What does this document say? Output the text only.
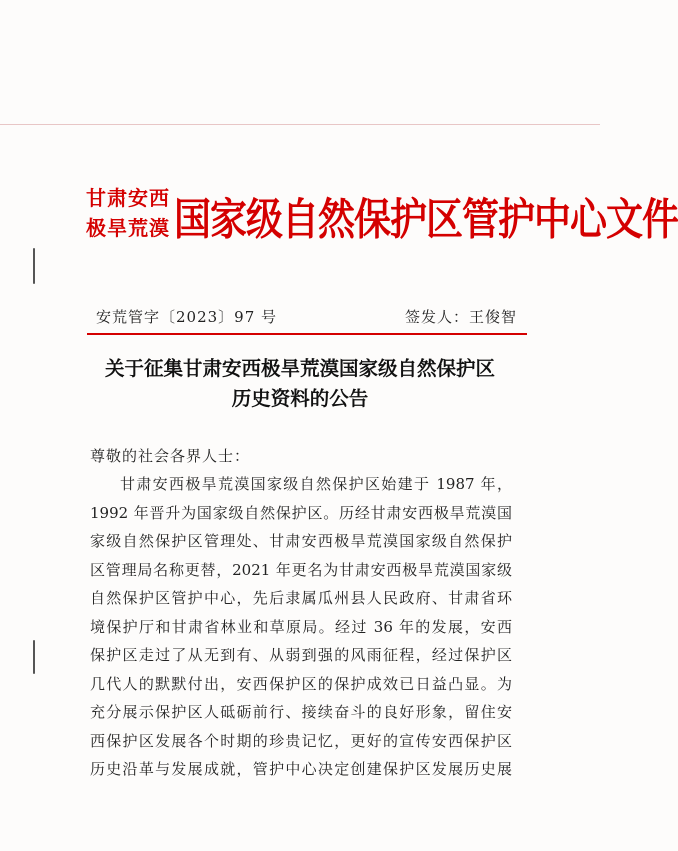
甘肃安西
极旱荒漠 国家级自然保护区管护中心文件
安荒管字〔2023〕97 号	签发人：王俊智
关于征集甘肃安西极旱荒漠国家级自然保护区
历史资料的公告
尊敬的社会各界人士：
甘肃安西极旱荒漠国家级自然保护区始建于 1987 年，
1992 年晋升为国家级自然保护区。历经甘肃安西极旱荒漠国
家级自然保护区管理处、甘肃安西极旱荒漠国家级自然保护
区管理局名称更替，2021 年更名为甘肃安西极旱荒漠国家级
自然保护区管护中心，先后隶属瓜州县人民政府、甘肃省环
境保护厅和甘肃省林业和草原局。经过 36 年的发展，安西
保护区走过了从无到有、从弱到强的风雨征程，经过保护区
几代人的默默付出，安西保护区的保护成效已日益凸显。为
充分展示保护区人砥砺前行、接续奋斗的良好形象，留住安
西保护区发展各个时期的珍贵记忆，更好的宣传安西保护区
历史沿革与发展成就，管护中心决定创建保护区发展历史展
